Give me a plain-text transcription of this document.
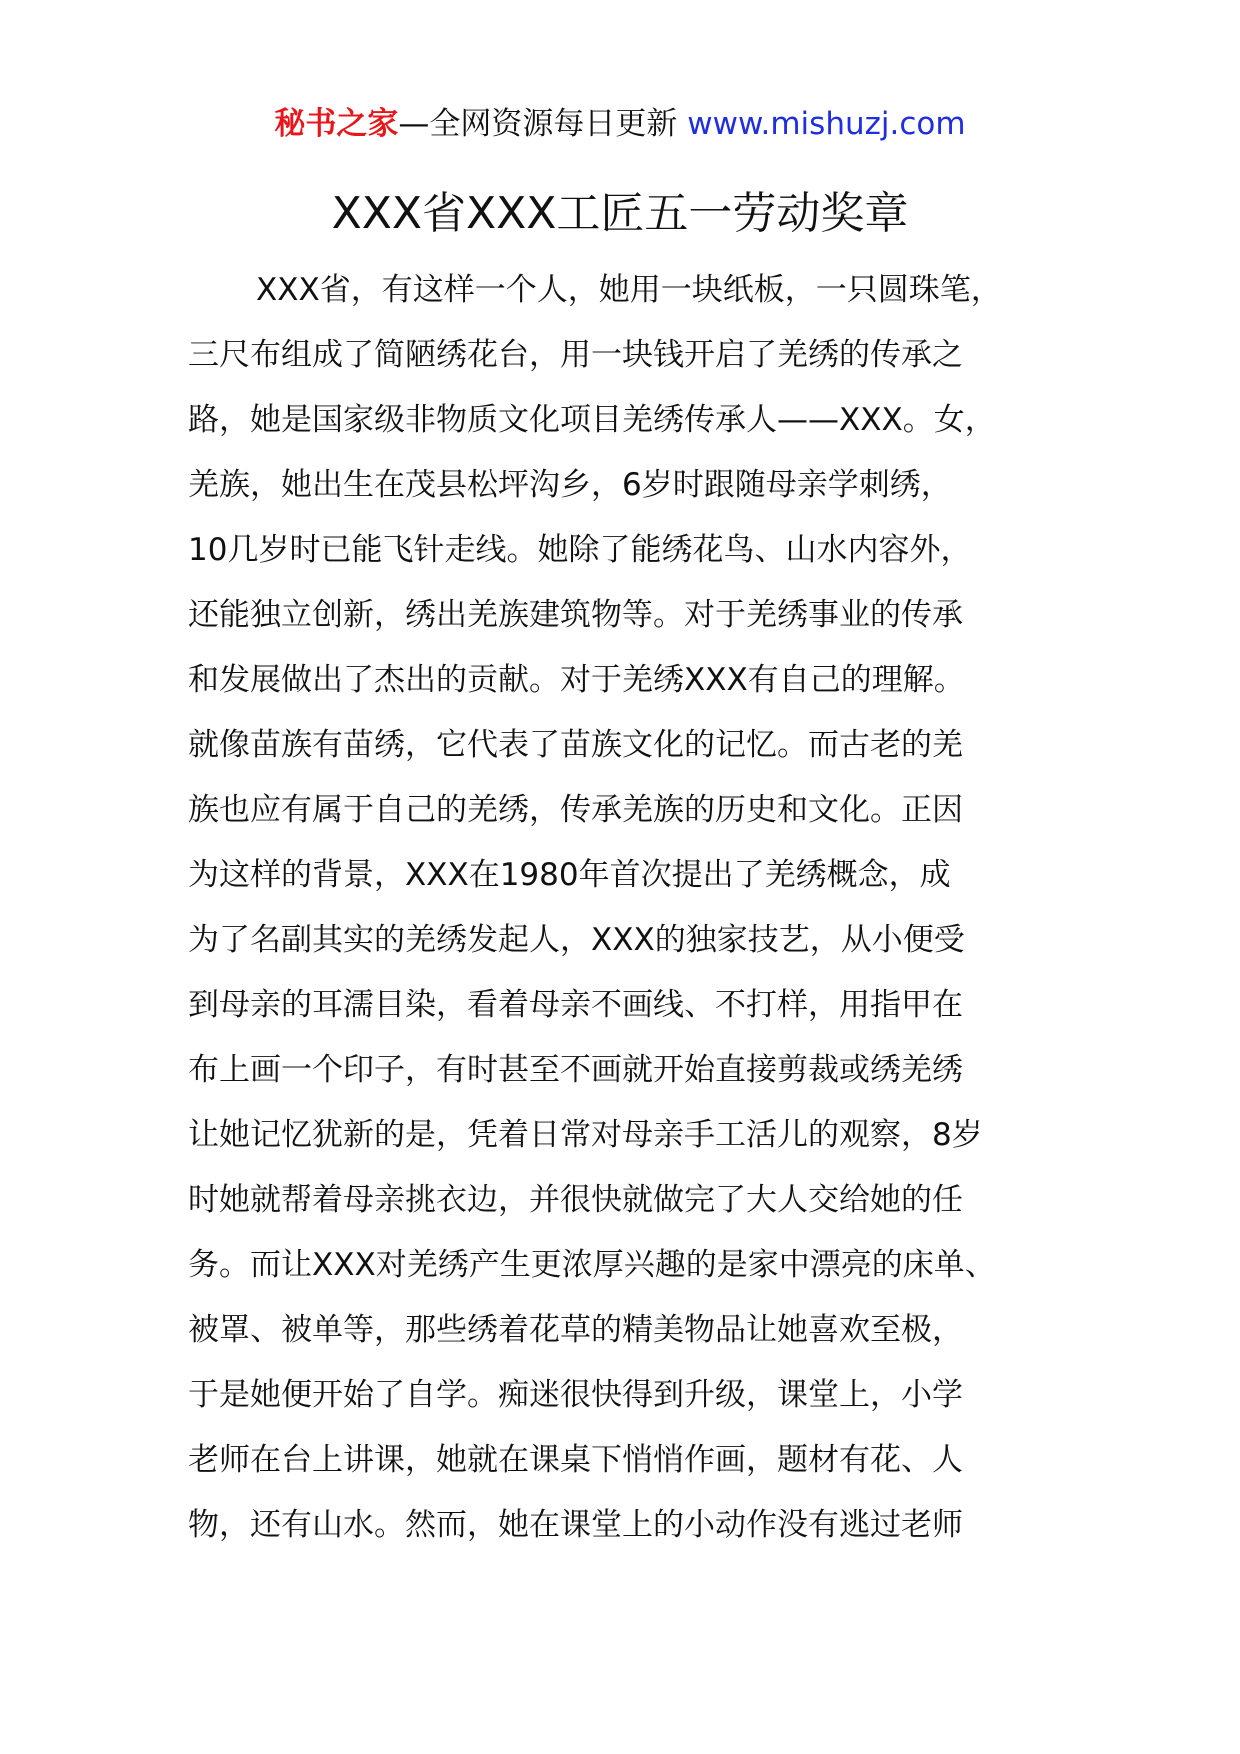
秘书之家—全网资源每日更新 www.mishuzj.com
XXX省XXX工匠五一劳动奖章
XXX省，有这样一个人，她用一块纸板，一只圆珠笔，
三尺布组成了简陋绣花台，用一块钱开启了羌绣的传承之
路，她是国家级非物质文化项目羌绣传承人——XXX。女，
羌族，她出生在茂县松坪沟乡，6岁时跟随母亲学刺绣，
10几岁时已能飞针走线。她除了能绣花鸟、山水内容外，
还能独立创新，绣出羌族建筑物等。对于羌绣事业的传承
和发展做出了杰出的贡献。对于羌绣XXX有自己的理解。
就像苗族有苗绣，它代表了苗族文化的记忆。而古老的羌
族也应有属于自己的羌绣，传承羌族的历史和文化。正因
为这样的背景，XXX在1980年首次提出了羌绣概念，成
为了名副其实的羌绣发起人，XXX的独家技艺，从小便受
到母亲的耳濡目染，看着母亲不画线、不打样，用指甲在
布上画一个印子，有时甚至不画就开始直接剪裁或绣羌绣
让她记忆犹新的是，凭着日常对母亲手工活儿的观察，8岁
时她就帮着母亲挑衣边，并很快就做完了大人交给她的任
务。而让XXX对羌绣产生更浓厚兴趣的是家中漂亮的床单、
被罩、被单等，那些绣着花草的精美物品让她喜欢至极，
于是她便开始了自学。痴迷很快得到升级，课堂上，小学
老师在台上讲课，她就在课桌下悄悄作画，题材有花、人
物，还有山水。然而，她在课堂上的小动作没有逃过老师
